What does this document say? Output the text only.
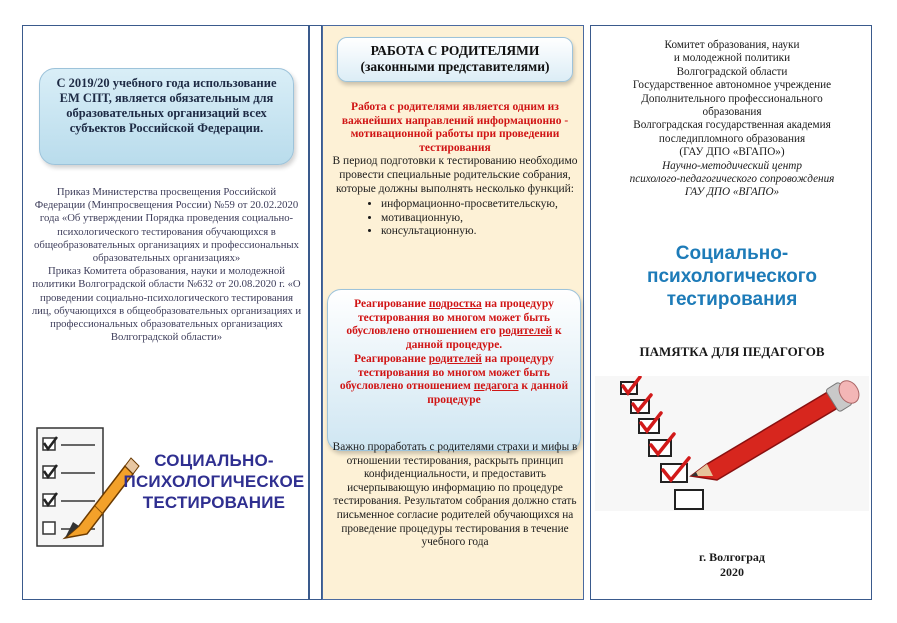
С 2019/20 учебного года использование ЕМ СПТ, является обязательным для образовательных организаций всех субъектов Российской Федерации.

Приказ Министерства просвещения Российской Федерации (Минпросвещения России) №59 от 20.02.2020 года «Об утверждении Порядка проведения социально-психологического тестирования обучающихся в общеобразовательных организациях и профессиональных образовательных организациях»

Приказ Комитета образования, науки и молодежной политики Волгоградской области №632 от 20.08.2020 г. «О проведении социально-психологического тестирования лиц, обучающихся в общеобразовательных организациях и профессиональных образовательных организациях Волгоградской области»

СОЦИАЛЬНО-
ПСИХОЛОГИЧЕСКОЕ
ТЕСТИРОВАНИЕ
РАБОТА С РОДИТЕЛЯМИ
(законными представителями)
Работа с родителями является одним из важнейших направлений информационно - мотивационной работы при проведении тестирования
В период подготовки к тестированию необходимо провести специальные родительские собрания, которые должны выполнять несколько функций:
• информационно-просветительскую,
• мотивационную,
• консультационную.
Реагирование подростка на процедуру тестирования во многом может быть обусловлено отношением его родителей к данной процедуре.
Реагирование родителей на процедуру тестирования во многом может быть обусловлено отношением педагога к данной процедуре
Важно проработать с родителями страхи и мифы в отношении тестирования, раскрыть принцип конфиденциальности, и предоставить исчерпывающую информацию по процедуре тестирования. Результатом собрания должно стать письменное согласие родителей обучающихся на проведение процедуры тестирования в течение учебного года
Комитет образования, науки
и молодежной политики
Волгоградской области
Государственное автономное учреждение
Дополнительного профессионального
образования
Волгоградская государственная академия
последипломного образования
(ГАУ ДПО «ВГАПО»)
Научно-методический центр
психолого-педагогического сопровождения
ГАУ ДПО «ВГАПО»
Социально-
психологического
тестирования
ПАМЯТКА ДЛЯ ПЕДАГОГОВ
г. Волгоград
2020
